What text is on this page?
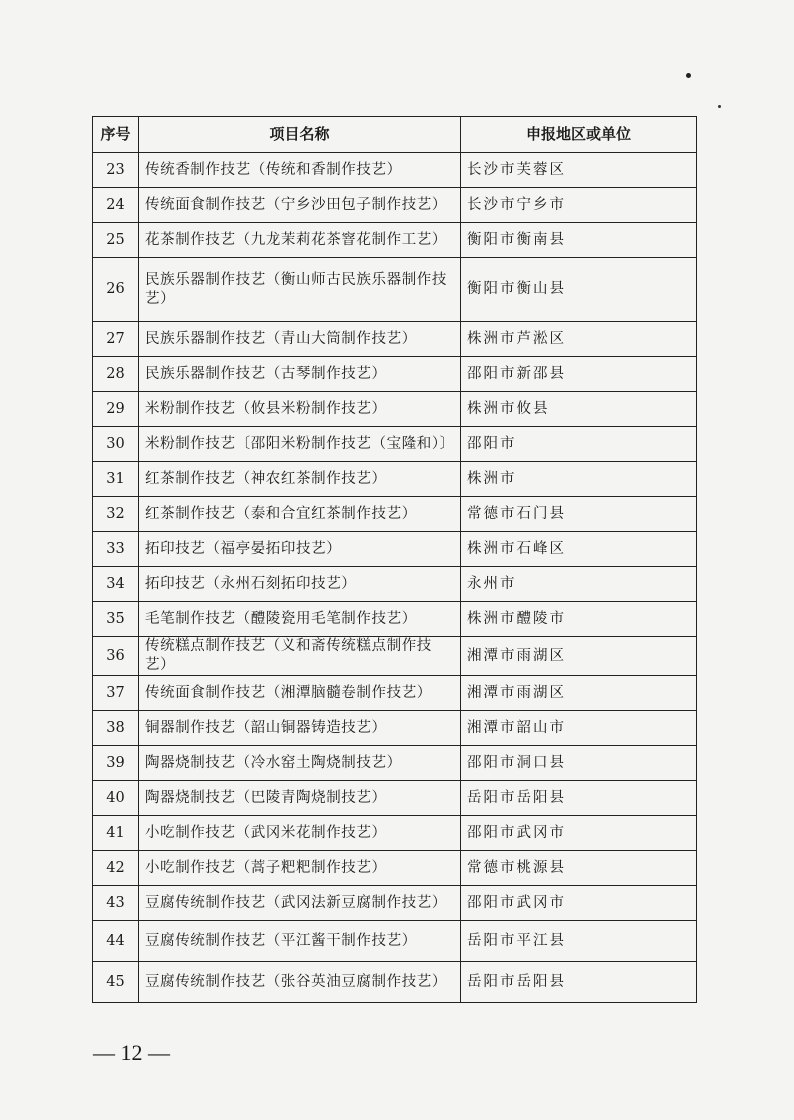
序号	项目名称	申报地区或单位
23	传统香制作技艺（传统和香制作技艺）	长沙市芙蓉区
24	传统面食制作技艺（宁乡沙田包子制作技艺）	长沙市宁乡市
25	花茶制作技艺（九龙茉莉花茶窨花制作工艺）	衡阳市衡南县
26	民族乐器制作技艺（衡山师古民族乐器制作技艺）	衡阳市衡山县
27	民族乐器制作技艺（青山大筒制作技艺）	株洲市芦淞区
28	民族乐器制作技艺（古琴制作技艺）	邵阳市新邵县
29	米粉制作技艺（攸县米粉制作技艺）	株洲市攸县
30	米粉制作技艺〔邵阳米粉制作技艺（宝隆和）〕	邵阳市
31	红茶制作技艺（神农红茶制作技艺）	株洲市
32	红茶制作技艺（泰和合宜红茶制作技艺）	常德市石门县
33	拓印技艺（福亭晏拓印技艺）	株洲市石峰区
34	拓印技艺（永州石刻拓印技艺）	永州市
35	毛笔制作技艺（醴陵瓷用毛笔制作技艺）	株洲市醴陵市
36	传统糕点制作技艺（义和斋传统糕点制作技艺）	湘潭市雨湖区
37	传统面食制作技艺（湘潭脑髓卷制作技艺）	湘潭市雨湖区
38	铜器制作技艺（韶山铜器铸造技艺）	湘潭市韶山市
39	陶器烧制技艺（冷水窑土陶烧制技艺）	邵阳市洞口县
40	陶器烧制技艺（巴陵青陶烧制技艺）	岳阳市岳阳县
41	小吃制作技艺（武冈米花制作技艺）	邵阳市武冈市
42	小吃制作技艺（蒿子粑粑制作技艺）	常德市桃源县
43	豆腐传统制作技艺（武冈法新豆腐制作技艺）	邵阳市武冈市
44	豆腐传统制作技艺（平江酱干制作技艺）	岳阳市平江县
45	豆腐传统制作技艺（张谷英油豆腐制作技艺）	岳阳市岳阳县
— 12 —
